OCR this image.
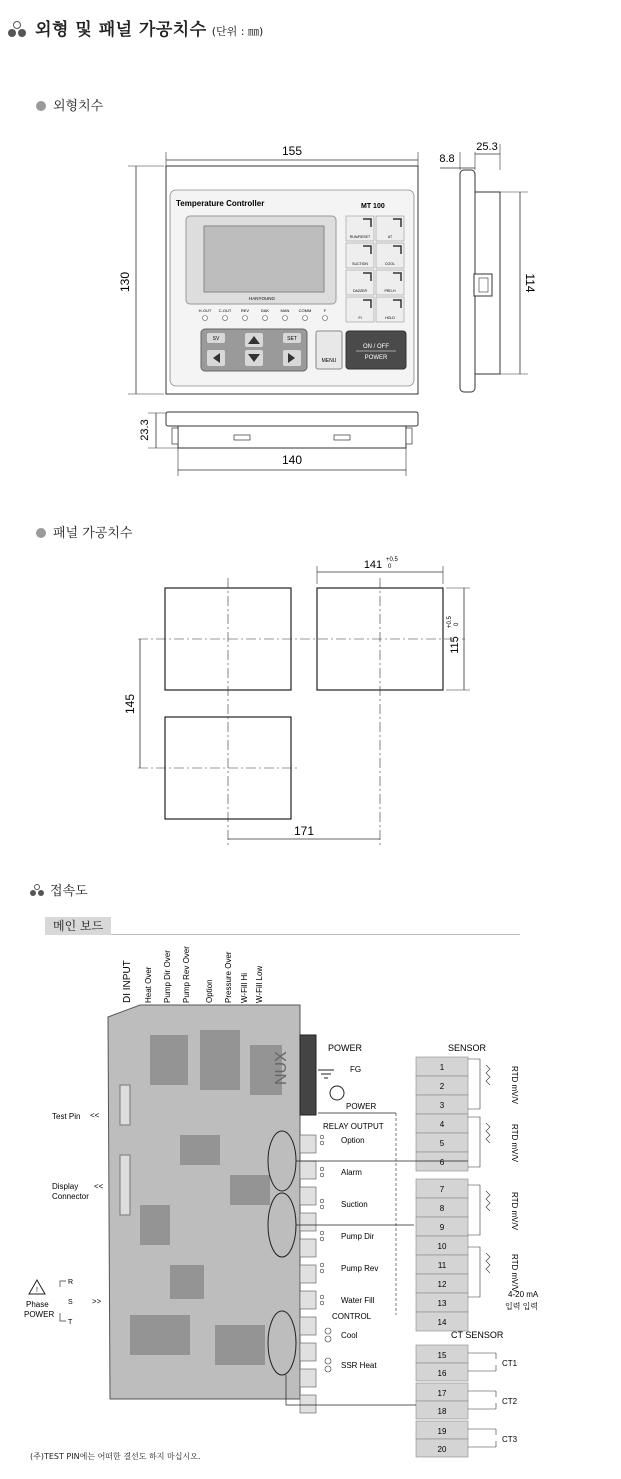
외형 및 패널 가공치수 (단위 : ㎜)
외형치수
155
130
Temperature Controller	MT 100
HANYOUNG
H-OUT C-OUT REV	DAK	MAN COMM	F
RUN/RESET	AT
SUCTION	COOL
DAZZER	PRD-H
FI	HOLD
SV	SET
MENU
ON / OFF
POWER
25.3
8.8
114
23.3
140
패널 가공치수
141 +0.5
0
115
+0.5 0
145
171
접속도
메인 보드
DI INPUT Heat Over Pump Dir Over Pump Rev Over Option Pressure Over W-Fill Hi W-Fill Low
NUX
Test Pin <<
Display
Connector
<<
!
Phase
POWER
R
S
T
>>
POWER
FG
POWER
RELAY OUTPUT
Option
Alarm
Suction
Pump Dir
Pump Rev
Water Fill
Cool
SSR Heat
CONTROL
SENSOR
1
2
3
4
5
6
7
8
9
10
11
12
13
14
RTD mV/V
RTD mV/V
RTD mV/V
RTD mV/V
4-20 mA
입력 입력
CT SENSOR
15
16
17
18
19
20
CT1
CT2
CT3
(주)TEST PIN에는 어떠한 결선도 하지 마십시오.
